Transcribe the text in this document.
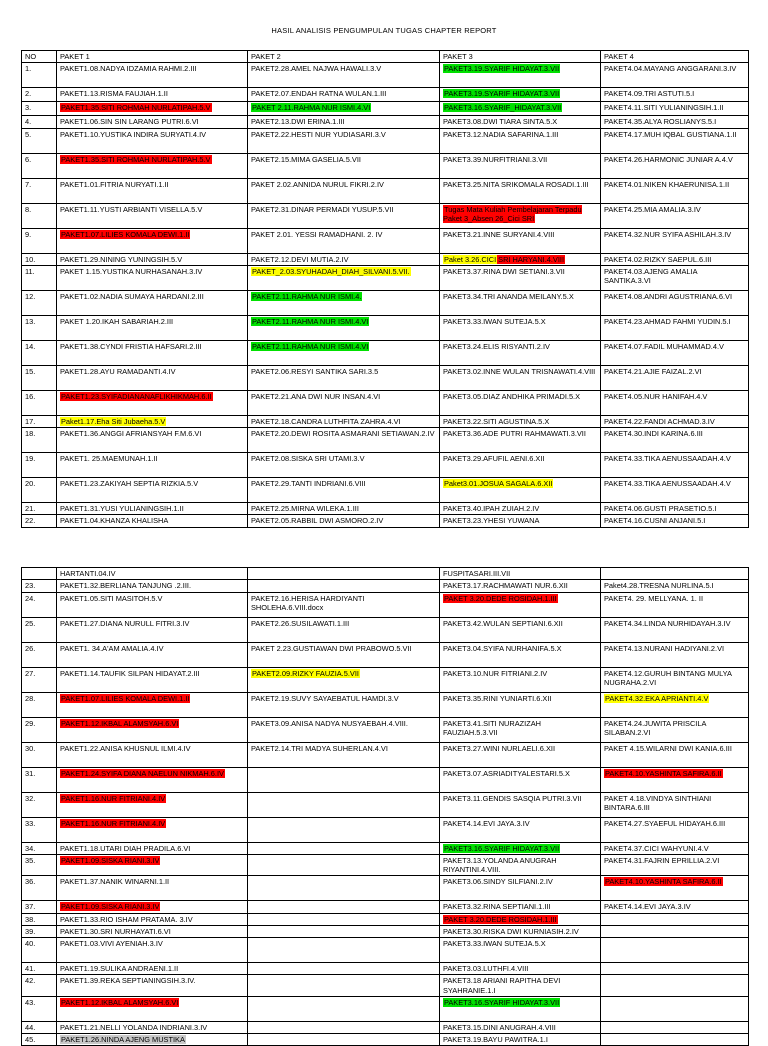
HASIL ANALISIS PENGUMPULAN TUGAS CHAPTER REPORT
NO	PAKET 1	PAKET 2	PAKET 3	PAKET 4
1.	PAKET1.08.NADYA IDZAMIA RAHMI.2.III	PAKET2.28.AMEL NAJWA HAWALI.3.V	PAKET3.19.SYARIF HIDAYAT.3.VII	PAKET4.04.MAYANG ANGGARANI.3.IV
2.	PAKET1.13.RISMA FAUJIAH.1.II	PAKET2.07.ENDAH RATNA WULAN.1.III	PAKET3.19.SYARIF HIDAYAT.3.VII	PAKET4.09.TRI ASTUTI.5.I
3.	PAKET1.35.SITI ROHMAH NURLATIPAH.5.V	PAKET 2.11.RAHMA NUR ISMI.4.VI	PAKET3.16.SYARIF_HIDAYAT.3.VII	PAKET4.11.SITI YULIANINGSIH.1.II
4.	PAKET1.06.SIN SIN LARANG PUTRI.6.VI	PAKET2.13.DWI ERINA.1.III	PAKET3.08.DWI TIARA SINTA.5.X	PAKET4.35.ALYA ROSLIANYS.5.I
5.	PAKET1.10.YUSTIKA INDIRA SURYATI.4.IV	PAKET2.22.HESTI NUR YUDIASARI.3.V	PAKET3.12.NADIA SAFARINA.1.III	PAKET4.17.MUH IQBAL GUSTIANA.1.II
6.	PAKET1.35.SITI ROHMAH NURLATIPAH.5.V	PAKET2.15.MIMA GASELIA.5.VII	PAKET3.39.NURFITRIANI.3.VII	PAKET4.26.HARMONIC JUNIAR A.4.V
7.	PAKET1.01.FITRIA NURYATI.1.II	PAKET 2.02.ANNIDA NURUL FIKRI.2.IV	PAKET3.25.NITA SRIKOMALA ROSADI.1.III	PAKET4.01.NIKEN KHAERUNISA.1.II
8.	PAKET1.11.YUSTI ARBIANTI VISELLA.5.V	PAKET2.31.DINAR PERMADI YUSUP.5.VII	Tugas Mata Kuliah Pembelajaran Terpadu Paket 3_Absen 26_Cici SRI	PAKET4.25.MIA AMALIA.3.IV
9.	PAKET1.07.LILIES KOMALA DEWI.1.II	PAKET 2.01. YESSI RAMADHANI. 2. IV	PAKET3.21.INNE SURYANI.4.VIII	PAKET4.32.NUR SYIFA ASHILAH.3.IV
10.	PAKET1.29.NINING YUNINGSIH.5.V	PAKET2.12.DEVI MUTIA.2.IV	Paket 3.26.CICI SRI HARYANI.4.VIII	PAKET4.02.RIZKY SAEPUL.6.III
11.	PAKET 1.15.YUSTIKA NURHASANAH.3.IV	PAKET_2.03.SYUHADAH_DIAH_SILVANI.5.VII.	PAKET3.37.RINA DWI SETIANI.3.VII	PAKET4.03.AJENG AMALIA SANTIKA.3.VI
12.	PAKET1.02.NADIA SUMAYA HARDANI.2.III	PAKET2.11.RAHMA NUR ISMI.4.	PAKET3.34.TRI ANANDA MEILANY.5.X	PAKET4.08.ANDRI AGUSTRIANA.6.VI
13.	PAKET 1.20.IKAH SABARIAH.2.III	PAKET2.11.RAHMA NUR ISMI.4.VI	PAKET3.33.IWAN SUTEJA.5.X	PAKET4.23.AHMAD FAHMI YUDIN.5.I
14.	PAKET1.38.CYNDI FRISTIA HAFSARI.2.III	PAKET2.11.RAHMA NUR ISMI.4.VI	PAKET3.24.ELIS RISYANTI.2.IV	PAKET4.07.FADIL MUHAMMAD.4.V
15.	PAKET1.28.AYU RAMADANTI.4.IV	PAKET2.06.RESYI SANTIKA SARI.3.5	PAKET3.02.INNE WULAN TRISNAWATI.4.VIII	PAKET4.21.AJIE FAIZAL.2.VI
16.	PAKET1.23.SYIFADIANANAFLIKHIKMAH.6.II	PAKET2.21.ANA DWI NUR INSAN.4.VI	PAKET3.05.DIAZ ANDHIKA PRIMADI.5.X	PAKET4.05.NUR HANIFAH.4.V
17.	Paket1.17.Eha Siti Jubaeha.5.V	PAKET2.18.CANDRA LUTHFITA ZAHRA.4.VI	PAKET3.22.SITI AGUSTINA.5.X	PAKET4.22.FANDI ACHMAD.3.IV
18.	PAKET1.36.ANGGI AFRIANSYAH F.M.6.VI	PAKET2.20.DEWI ROSITA ASMARANI SETIAWAN.2.IV	PAKET3.36.ADE PUTRI RAHMAWATI.3.VII	PAKET4.30.INDI KARINA.6.III
19.	PAKET1. 25.MAEMUNAH.1.II	PAKET2.08.SISKA SRI UTAMI.3.V	PAKET3.29.AFUFIL AENI.6.XII	PAKET4.33.TIKA AENUSSAADAH.4.V
20.	PAKET1.23.ZAKIYAH SEPTIA RIZKIA.5.V	PAKET2.29.TANTI INDRIANI.6.VIII	Paket3.01.JOSUA SAGALA.6.XII	PAKET4.33.TIKA AENUSSAADAH.4.V
21.	PAKET1.31.YUSI YULIANINGSIH.1.II	PAKET2.25.MIRNA WILEKA.1.III	PAKET3.40.IPAH ZUIAH.2.IV	PAKET4.06.GUSTI PRASETIO.5.I
22.	PAKET1.04.KHANZA KHALISHA	PAKET2.05.RABBIL DWI ASMORO.2.IV	PAKET3.23.YHESI YUWANA	PAKET4.16.CUSNI ANJANI.5.I
	HARTANTI.04.IV		FUSPITASARI.III.VII	
23.	PAKET1.32.BERLIANA TANJUNG .2.III.		PAKET3.17.RACHMAWATI NUR.6.XII	Paket4.28.TRESNA NURLINA.5.I
24.	PAKET1.05.SITI MASITOH.5.V	PAKET2.16.HERISA HARDIYANTI SHOLEHA.6.VIII.docx	PAKET 3.20.DEDE ROSIDAH.1.III	PAKET4. 29. MELLYANA. 1. II
25.	PAKET1.27.DIANA NURULL FITRI.3.IV	PAKET2.26.SUSILAWATI.1.III	PAKET3.42.WULAN SEPTIANI.6.XII	PAKET4.34.LINDA NURHIDAYAH.3.IV
26.	PAKET1. 34.A'AM AMALIA.4.IV	PAKET 2.23.GUSTIAWAN DWI PRABOWO.5.VII	PAKET3.04.SYIFA NURHANIFA.5.X	PAKET4.13.NURANI HADIYANI.2.VI
27.	PAKET1.14.TAUFIK SILPAN HIDAYAT.2.III	PAKET2.09.RIZKY FAUZIA.5.VII	PAKET3.10.NUR FITRIANI.2.IV	PAKET4.12.GURUH BINTANG MULYA NUGRAHA.2.VI
28.	PAKET1.07.LILIES KOMALA DEWI.1.II	PAKET2.19.SUVY SAYAEBATUL HAMDI.3.V	PAKET3.35.RINI YUNIARTI.6.XII	PAKET4.32.EKA APRIANTI.4.V
29.	PAKET1.12.IKBAL ALAMSYAH.6.VI	PAKET3.09.ANISA NADYA NUSYAEBAH.4.VIII.	PAKET3.41.SITI NURAZIZAH FAUZIAH.5.3.VII	PAKET4.24.JUWITA PRISCILA SILABAN.2.VI
30.	PAKET1.22.ANISA KHUSNUL ILMI.4.IV	PAKET2.14.TRI MADYA SUHERLAN.4.VI	PAKET3.27.WINI NURLAELI.6.XII	PAKET 4.15.WILARNI DWI KANIA.6.III
31.	PAKET1.24.SYIFA DIANA NAELUN NIKMAH.6.IV		PAKET3.07.ASRIADITYALESTARI.5.X	PAKET4.10.YASHINTA SAFIRA.6.II
32.	PAKET1.16.NUR FITRIANI.4.IV		PAKET3.11.GENDIS SASQIA PUTRI.3.VII	PAKET 4.18.VINDYA SINTHIANI BINTARA.6.III
33.	PAKET1.16.NUR FITRIANI.4.IV		PAKET4.14.EVI JAYA.3.IV	PAKET4.27.SYAEFUL HIDAYAH.6.III
34.	PAKET1.18.UTARI DIAH PRADILA.6.VI		PAKET3.16.SYARIF HIDAYAT.3.VII	PAKET4.37.CICI WAHYUNI.4.V
35.	PAKET1.09.SISKA RIANI.3.IV		PAKET3.13.YOLANDA ANUGRAH RIYANTINI.4.VIII.	PAKET4.31.FAJRIN EPRILLIA.2.VI
36.	PAKET1.37.NANIK WINARNI.1.II		PAKET3.06.SINDY SILFIANI.2.IV	PAKET4.10.YASHINTA SAFIRA.6.II
37.	PAKET1.09.SISKA RIANI.3.IV		PAKET3.32.RINA SEPTIANI.1.III	PAKET4.14.EVI JAYA.3.IV
38.	PAKET1.33.RIO ISHAM PRATAMA. 3.IV		PAKET 3.20.DEDE ROSIDAH.1.III	
39.	PAKET1.30.SRI NURHAYATI.6.VI		PAKET3.30.RISKA DWI KURNIASIH.2.IV	
40.	PAKET1.03.VIVI AYENIAH.3.IV		PAKET3.33.IWAN SUTEJA.5.X	
41.	PAKET1.19.SULIKA ANDRAENI.1.II		PAKET3.03.LUTHFI.4.VIII	
42.	PAKET1.39.REKA SEPTIANINGSIH.3.IV.		PAKET3.18 ARIANI RAPITHA DEVI SYAHRANIE.1.I	
43.	PAKET1.12.IKBAL ALAMSYAH.6.VI		PAKET3.16.SYARIF HIDAYAT.3.VII	
44.	PAKET1.21.NELLI YOLANDA INDRIANI.3.IV		PAKET3.15.DINI ANUGRAH.4.VIII	
45.	PAKET1.26.NINDA AJENG MUSTIKA		PAKET3.19.BAYU PAWITRA.1.I	
